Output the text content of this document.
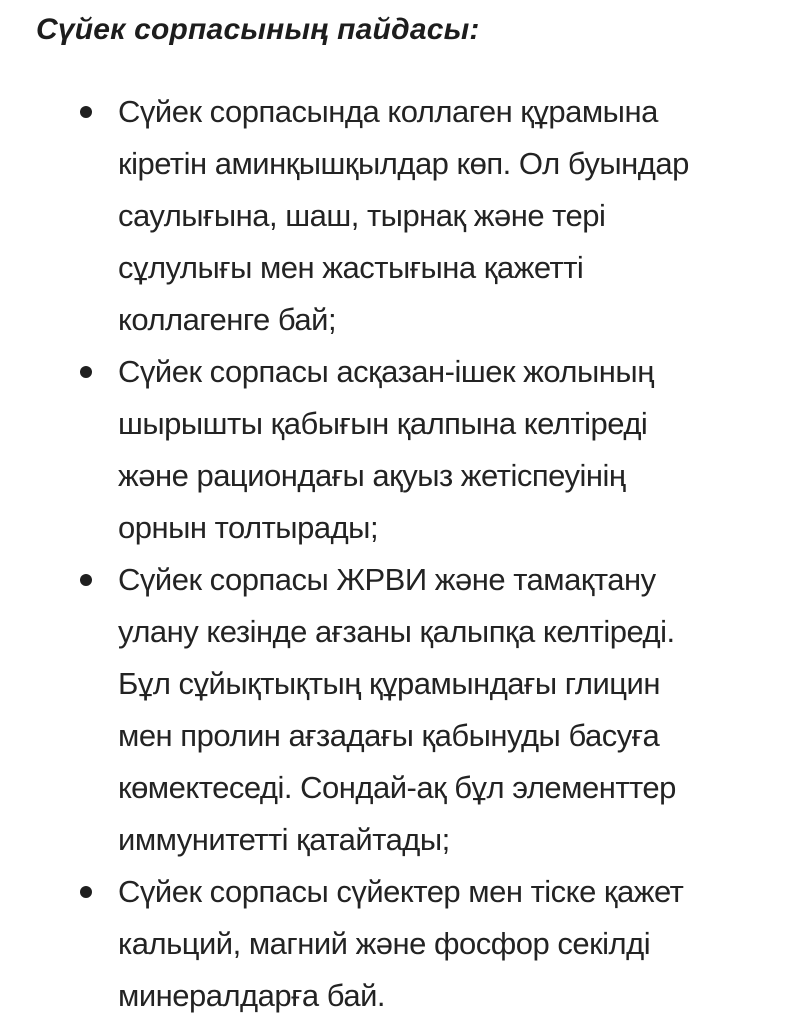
Сүйек сорпасының пайдасы:
Сүйек сорпасында коллаген құрамына
кіретін аминқышқылдар көп. Ол буындар
саулығына, шаш, тырнақ және тері
сұлулығы мен жастығына қажетті
коллагенге бай;
Сүйек сорпасы асқазан-ішек жолының
шырышты қабығын қалпына келтіреді
және рациондағы ақуыз жетіспеуінің
орнын толтырады;
Сүйек сорпасы ЖРВИ және тамақтану
улану кезінде ағзаны қалыпқа келтіреді.
Бұл сұйықтықтың құрамындағы глицин
мен пролин ағзадағы қабынуды басуға
көмектеседі. Сондай-ақ бұл элементтер
иммунитетті қатайтады;
Сүйек сорпасы сүйектер мен тіске қажет
кальций, магний және фосфор секілді
минералдарға бай.
